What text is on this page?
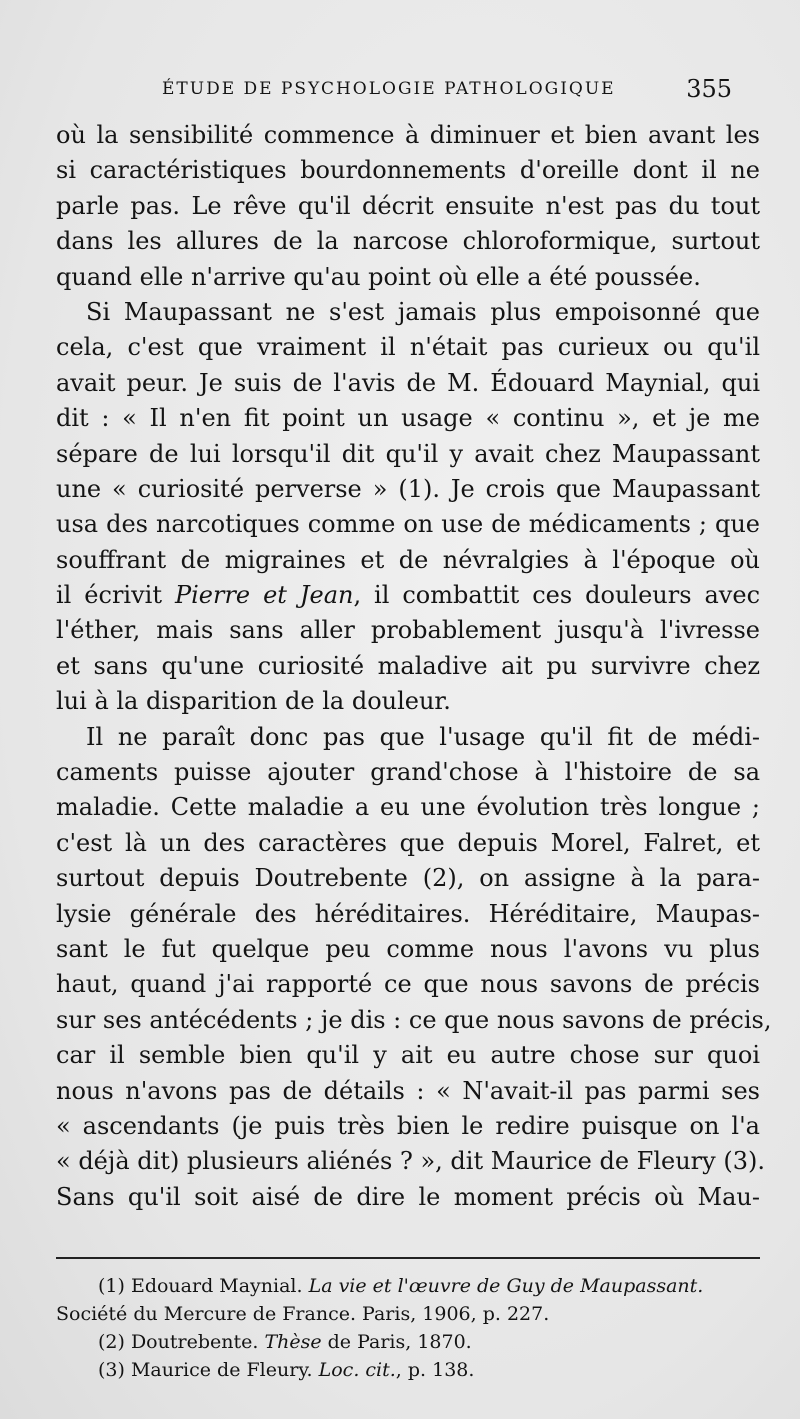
ÉTUDE DE PSYCHOLOGIE PATHOLOGIQUE	355
où la sensibilité commence à diminuer et bien avant les
si caractéristiques bourdonnements d'oreille dont il ne
parle pas. Le rêve qu'il décrit ensuite n'est pas du tout
dans les allures de la narcose chloroformique, surtout
quand elle n'arrive qu'au point où elle a été poussée.
Si Maupassant ne s'est jamais plus empoisonné que
cela, c'est que vraiment il n'était pas curieux ou qu'il
avait peur. Je suis de l'avis de M. Édouard Maynial, qui
dit : « Il n'en fit point un usage « continu », et je me
sépare de lui lorsqu'il dit qu'il y avait chez Maupassant
une « curiosité perverse » (1). Je crois que Maupassant
usa des narcotiques comme on use de médicaments ; que
souffrant de migraines et de névralgies à l'époque où
il écrivit Pierre et Jean, il combattit ces douleurs avec
l'éther, mais sans aller probablement jusqu'à l'ivresse
et sans qu'une curiosité maladive ait pu survivre chez
lui à la disparition de la douleur.
Il ne paraît donc pas que l'usage qu'il fit de médi-
caments puisse ajouter grand'chose à l'histoire de sa
maladie. Cette maladie a eu une évolution très longue ;
c'est là un des caractères que depuis Morel, Falret, et
surtout depuis Doutrebente (2), on assigne à la para-
lysie générale des héréditaires. Héréditaire, Maupas-
sant le fut quelque peu comme nous l'avons vu plus
haut, quand j'ai rapporté ce que nous savons de précis
sur ses antécédents ; je dis : ce que nous savons de précis,
car il semble bien qu'il y ait eu autre chose sur quoi
nous n'avons pas de détails : « N'avait-il pas parmi ses
« ascendants (je puis très bien le redire puisque on l'a
« déjà dit) plusieurs aliénés ? », dit Maurice de Fleury (3).
Sans qu'il soit aisé de dire le moment précis où Mau-
(1) Edouard Maynial. La vie et l'œuvre de Guy de Maupassant.
Société du Mercure de France. Paris, 1906, p. 227.
(2) Doutrebente. Thèse de Paris, 1870.
(3) Maurice de Fleury. Loc. cit., p. 138.
